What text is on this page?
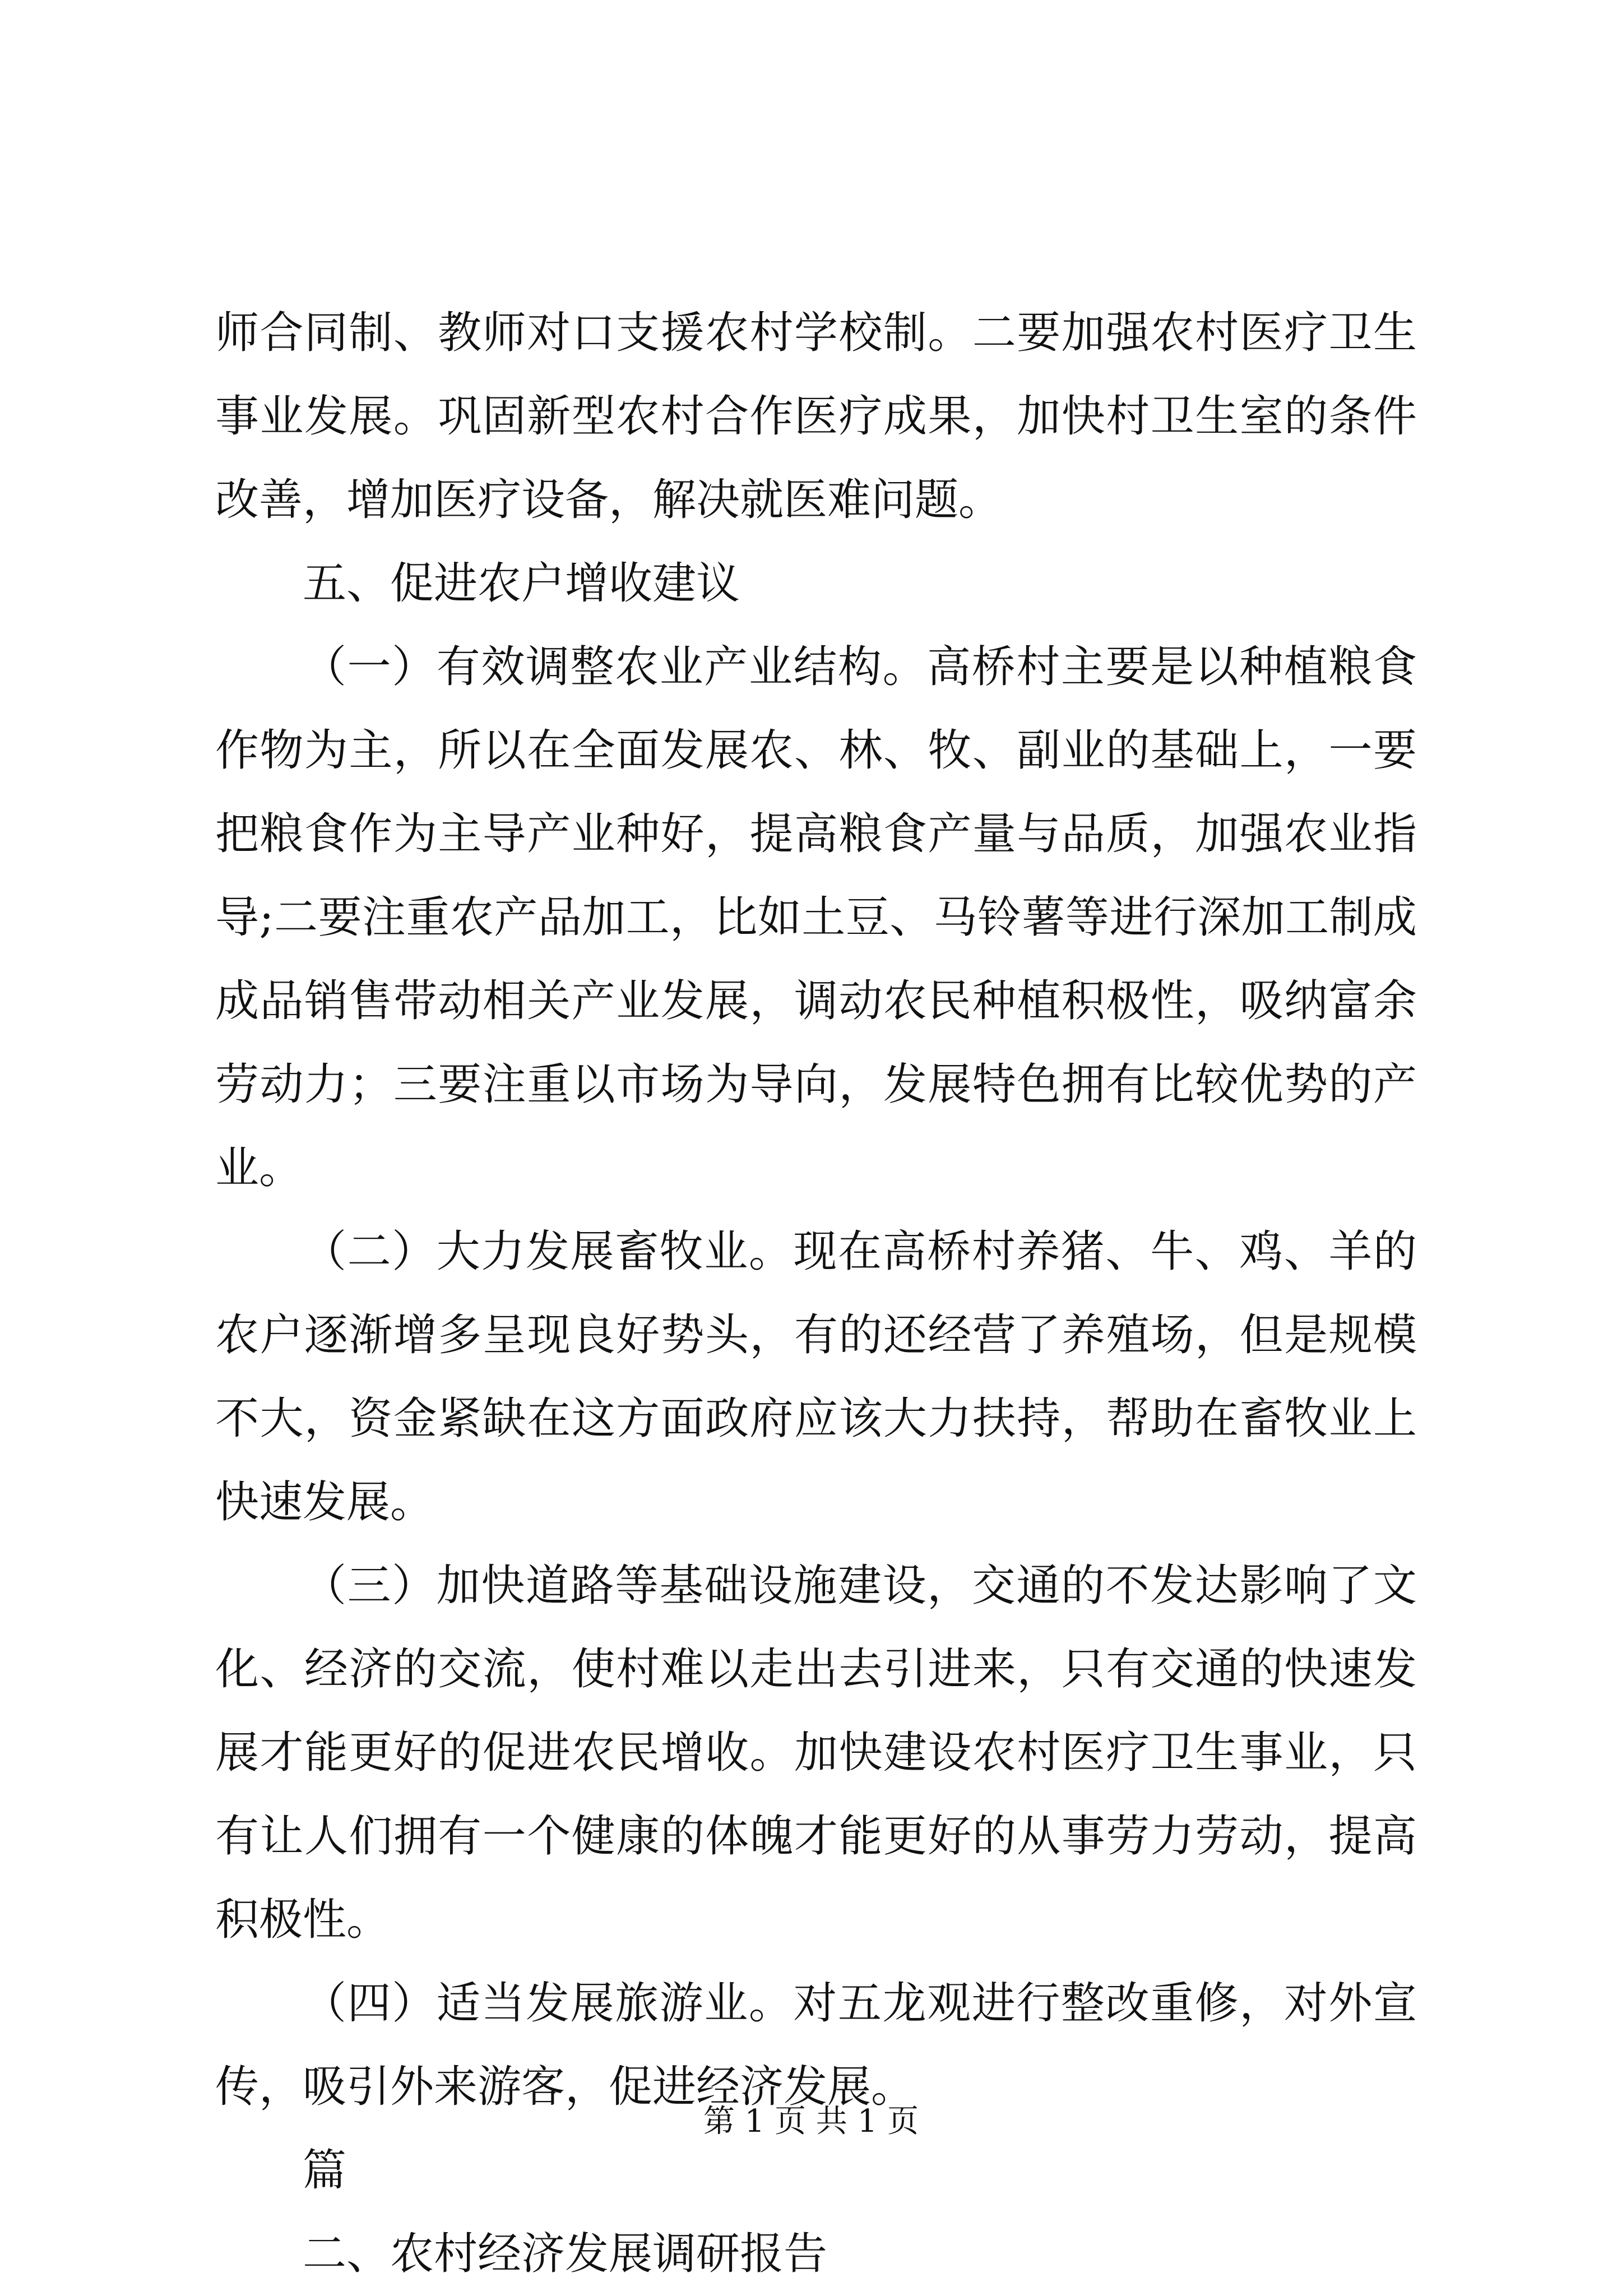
师合同制、教师对口支援农村学校制。二要加强农村医疗卫生事业发展。巩固新型农村合作医疗成果，加快村卫生室的条件改善，增加医疗设备，解决就医难问题。

五、促进农户增收建议

（一）有效调整农业产业结构。高桥村主要是以种植粮食作物为主，所以在全面发展农、林、牧、副业的基础上，一要把粮食作为主导产业种好，提高粮食产量与品质，加强农业指导;二要注重农产品加工，比如土豆、马铃薯等进行深加工制成成品销售带动相关产业发展，调动农民种植积极性，吸纳富余劳动力；三要注重以市场为导向，发展特色拥有比较优势的产业。

（二）大力发展畜牧业。现在高桥村养猪、牛、鸡、羊的农户逐渐增多呈现良好势头，有的还经营了养殖场，但是规模不大，资金紧缺在这方面政府应该大力扶持，帮助在畜牧业上快速发展。

（三）加快道路等基础设施建设，交通的不发达影响了文化、经济的交流，使村难以走出去引进来，只有交通的快速发展才能更好的促进农民增收。加快建设农村医疗卫生事业，只有让人们拥有一个健康的体魄才能更好的从事劳力劳动，提高积极性。

（四）适当发展旅游业。对五龙观进行整改重修，对外宣传，吸引外来游客，促进经济发展。

篇

二、农村经济发展调研报告

第 1 页 共 1 页
